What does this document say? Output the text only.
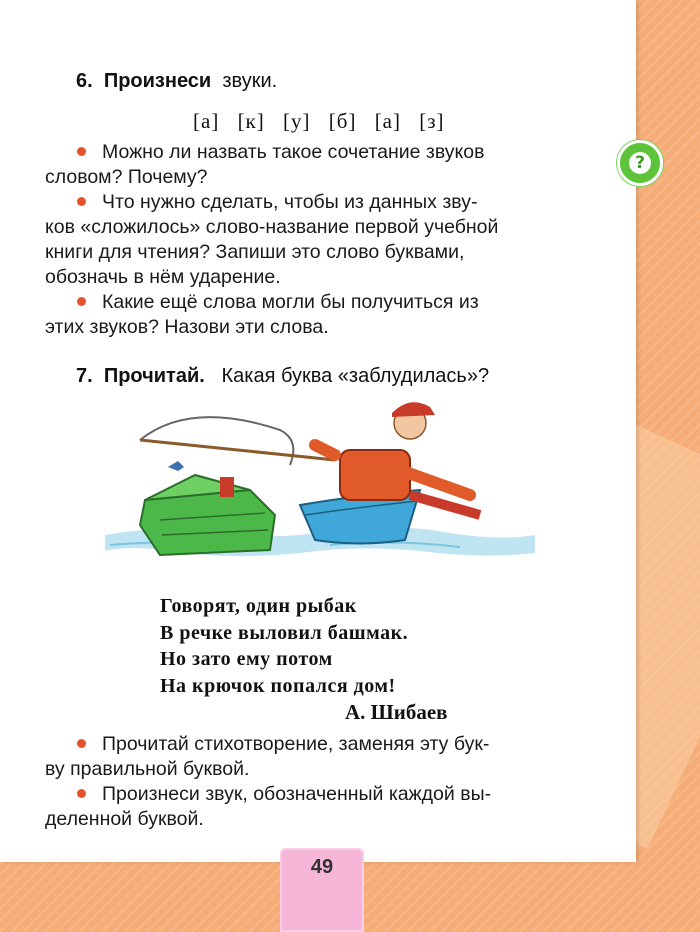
6. Произнеси звуки.
[а] [к] [у] [б] [а] [з]
Можно ли назвать такое сочетание звуков
словом? Почему?
Что нужно сделать, чтобы из данных зву-
ков «сложилось» слово-название первой учебной
книги для чтения? Запиши это слово буквами,
обозначь в нём ударение.
Какие ещё слова могли бы получиться из
этих звуков? Назови эти слова.
7. Прочитай. Какая буква «заблудилась»?
Говорят, один рыбак
В речке выловил башмак.
Но зато ему потом
На крючок попался дом!
А. Шибаев
Прочитай стихотворение, заменяя эту бук-
ву правильной буквой.
Произнеси звук, обозначенный каждой вы-
деленной буквой.
?
49
